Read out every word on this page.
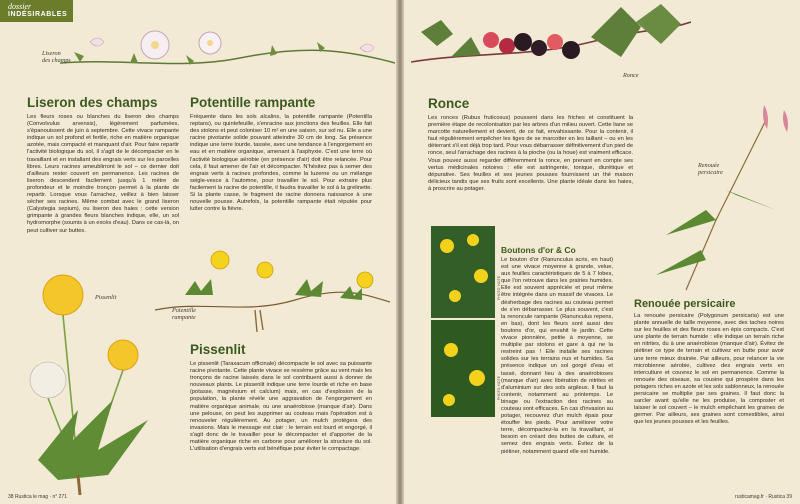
dossier
INDÉSIRABLES
Liseron
des champs
Liseron des champs
Les fleurs roses ou blanches du liseron des champs (Convolvulus arvensis), légèrement parfumées, s'épanouissent de juin à septembre. Cette vivace rampante indique un sol profond et fertile, riche en matière organique azotée, mais compacté et manquant d'air. Pour faire repartir l'activité biologique du sol, il s'agit de le décompacter en le travaillant et en installant des engrais verts sur les parcelles libres. Leurs racines ameublirront le sol – ce dernier doit d'ailleurs rester couvert en permanence. Les racines de liseron descendent facilement jusqu'à 1 mètre de profondeur et le moindre tronçon permet à la plante de repartir. Lorsque vous l'arrachez, veillez à bien laisser sécher ses racines. Même combat avec le grand liseron (Calystegia sepium), ou liseron des haies : cette version grimpante à grandes fleurs blanches indique, elle, un sol hydromorphe (soumis à un excès d'eau). Dans ce cas-là, on peut cultiver sur buttes.
Potentille rampante
Fréquente dans les sols alcalins, la potentille rampante (Potentilla reptans), ou quintefeuille, s'enracine aux jonctions des feuilles. Elle fait des stolons et peut coloniser 10 m² en une saison, sur sol nu. Elle a une racine pivotante solide pouvant atteindre 30 cm de long. Sa présence indique une terre lourde, tassée, avec une tendance à l'engorgement en eau et en matière organique, amenant à l'asphyxie. C'est une terre où l'activité biologique aérobie (en présence d'air) doit être relancée. Pour cela, il faut amener de l'air et décompacter. N'hésitez pas à semer des engrais verts à racines profondes, comme la luzerne ou un mélange seigle-vesce à l'automne, pour travailler le sol. Pour extraire plus facilement la racine de potentille, il faudra travailler le sol à la grelinette. Si la plante casse, le fragment de racine donnera naissance à une nouvelle pousse. Autrefois, la potentille rampante était réputée pour lutter contre la fièvre.
Pissenlit
Potentille
rampante
Pissenlit
Le pissenlit (Taraxacum officinale) décompacte le sol avec sa puissante racine pivotante. Cette plante vivace se ressème grâce au vent mais les tronçons de racine laissés dans le sol contribuent aussi à donner de nouveaux plants. Le pissenlit indique une terre lourde et riche en base (potasse, magnésium et calcium) mais, en cas d'explosion de la population, la plante révèle une aggravation de l'engorgement en matière organique animale, ou une anaérobiose (manque d'air). Dans une pelouse, on peut les supprimer au couteau mais l'opération est à renouveler régulièrement. Au potager, un mulch protégera des invasions. Mais le message est clair : le terrain est lourd et engorgé, il s'agit donc de le travailler pour le décompacter et d'apporter de la matière organique riche en carbone pour améliorer la structure du sol. L'utilisation d'engrais verts est bénéfique pour éviter le compactage.
38 Rustica le mag · n° 271
Ronce
Ronce
Les ronces (Rubus fruticosus) poussent dans les friches et constituent la première étape de recolonisation par les arbres d'un milieu ouvert. Cette liane se marcotte naturellement et devient, de ce fait, envahissante. Pour la contenir, il faut régulièrement empêcher les tiges de se marcotter en les taillant – ou en les déterrant s'il est déjà trop tard. Pour vous débarrasser définitivement d'un pied de ronce, seul l'arrachage des racines à la pioche (ou la houe) est vraiment efficace. Vous pouvez aussi regarder différemment la ronce, en prenant en compte ses vertus médicinales notoires : elle est astringente, tonique, diurétique et dépurative. Ses feuilles et ses jeunes pousses fournissent un thé maison délicieux tandis que ses fruits sont excellents. Une plante idéale dans les haies, à proscrire au potager.
Renouée
persicaire
PHOTO: NOTE
PHOTO: NOTE
Boutons d'or & Co
Le bouton d'or (Ranunculus acris, en haut) est une vivace moyenne à grande, velue, aux feuilles caractéristiques de 5 à 7 lobes, que l'on retrouve dans les prairies humides. Elle est souvent appréciée et peut même être intégrée dans un massif de vivaces. Le désherbage des racines au couteau permet de s'en débarrasser. Le plus souvent, c'est la renoncule rampante (Ranunculus repens, en bas), dont les fleurs sont aussi des boutons d'or, qui envahit le jardin. Cette vivace pionnière, petite à moyenne, se multiplie par stolons et gare à qui ne la restreint pas ! Elle installe ses racines solides sur les terrains nus et humides. Sa présence indique un sol gorgé d'eau et tassé, donnant lieu à des anaérobioses (manque d'air) avec libération de nitrites et d'aluminium sur des sols argileux. Il faut la contenir, notamment au printemps. Le binage ou l'extraction des racines au couteau sont efficaces. En cas d'invasion au potager, recouvrez d'un mulch épais pour étouffer les pieds. Pour améliorer votre terre, décompactez-la en la travaillant, si besoin en créant des buttes de culture, et semez des engrais verts. Évitez de la piétiner, notamment quand elle est humide.
Renouée persicaire
La renouée persicaire (Polygonum persicaria) est une plante annuelle de taille moyenne, avec des taches noires sur les feuilles et des fleurs roses en épis compacts. C'est une plante de terrain humide : elle indique un terrain riche en nitrites, du à une anaérobiose (manque d'air). Évitez de piétiner ce type de terrain et cultivez en butte pour avoir une terre mieux drainée. Par ailleurs, pour relancer la vie microbienne aérobie, cultivez des engrais verts en interculture et couvrez le sol en permanence. Comme la renouée des oiseaux, sa cousine qui prospère dans les potagers riches en azote et les sols sablonneux, la renouée persicaire se multiplie par ses graines. Il faut donc la sarcler avant qu'elle ne les produise, la composter et laisser le sol couvert – le mulch empêchant les graines de germer. Par ailleurs, ses graines sont comestibles, ainsi que les jeunes pousses et les feuilles.
rusticamag.fr · Rustica 39
